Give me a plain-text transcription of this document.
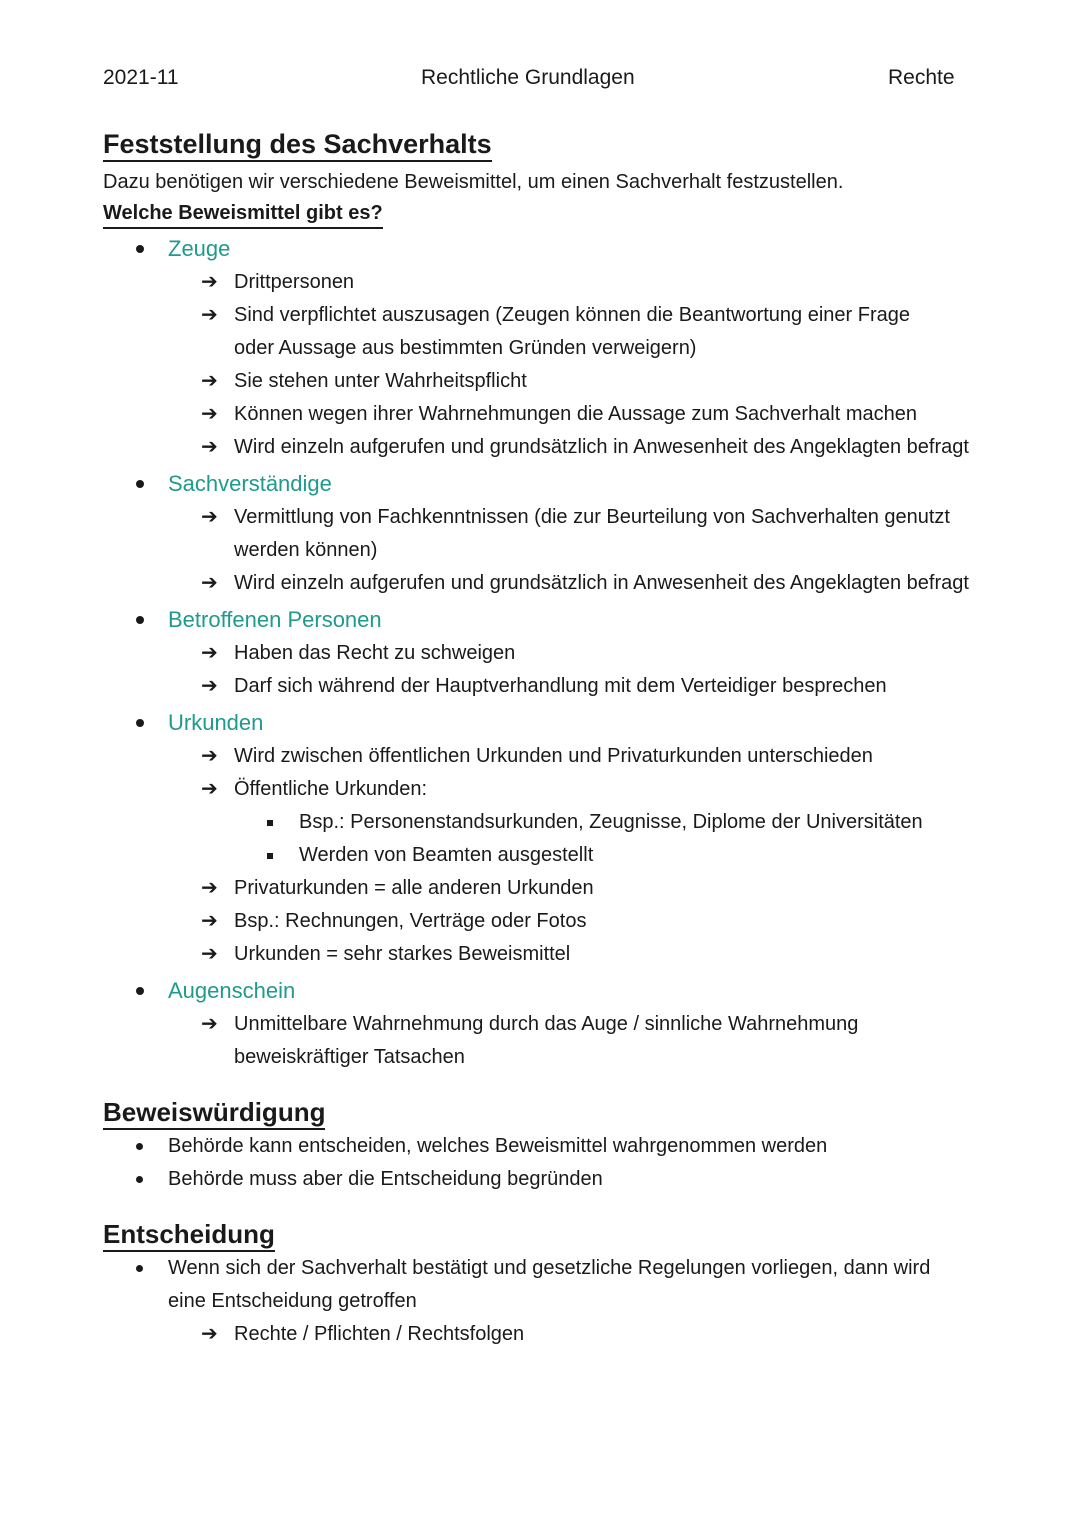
2021-11	Rechtliche Grundlagen	Rechte
Feststellung des Sachverhalts
Dazu benötigen wir verschiedene Beweismittel, um einen Sachverhalt festzustellen.
Welche Beweismittel gibt es?
Zeuge
➔ Drittpersonen
➔ Sind verpflichtet auszusagen (Zeugen können die Beantwortung einer Frage
oder Aussage aus bestimmten Gründen verweigern)
➔ Sie stehen unter Wahrheitspflicht
➔ Können wegen ihrer Wahrnehmungen die Aussage zum Sachverhalt machen
➔ Wird einzeln aufgerufen und grundsätzlich in Anwesenheit des Angeklagten befragt
Sachverständige
➔ Vermittlung von Fachkenntnissen (die zur Beurteilung von Sachverhalten genutzt
werden können)
➔ Wird einzeln aufgerufen und grundsätzlich in Anwesenheit des Angeklagten befragt
Betroffenen Personen
➔ Haben das Recht zu schweigen
➔ Darf sich während der Hauptverhandlung mit dem Verteidiger besprechen
Urkunden
➔ Wird zwischen öffentlichen Urkunden und Privaturkunden unterschieden
➔ Öffentliche Urkunden:
Bsp.: Personenstandsurkunden, Zeugnisse, Diplome der Universitäten
Werden von Beamten ausgestellt
➔ Privaturkunden = alle anderen Urkunden
➔ Bsp.: Rechnungen, Verträge oder Fotos
➔ Urkunden = sehr starkes Beweismittel
Augenschein
➔ Unmittelbare Wahrnehmung durch das Auge / sinnliche Wahrnehmung
beweiskräftiger Tatsachen
Beweiswürdigung
Behörde kann entscheiden, welches Beweismittel wahrgenommen werden
Behörde muss aber die Entscheidung begründen
Entscheidung
Wenn sich der Sachverhalt bestätigt und gesetzliche Regelungen vorliegen, dann wird
eine Entscheidung getroffen
➔ Rechte / Pflichten / Rechtsfolgen
